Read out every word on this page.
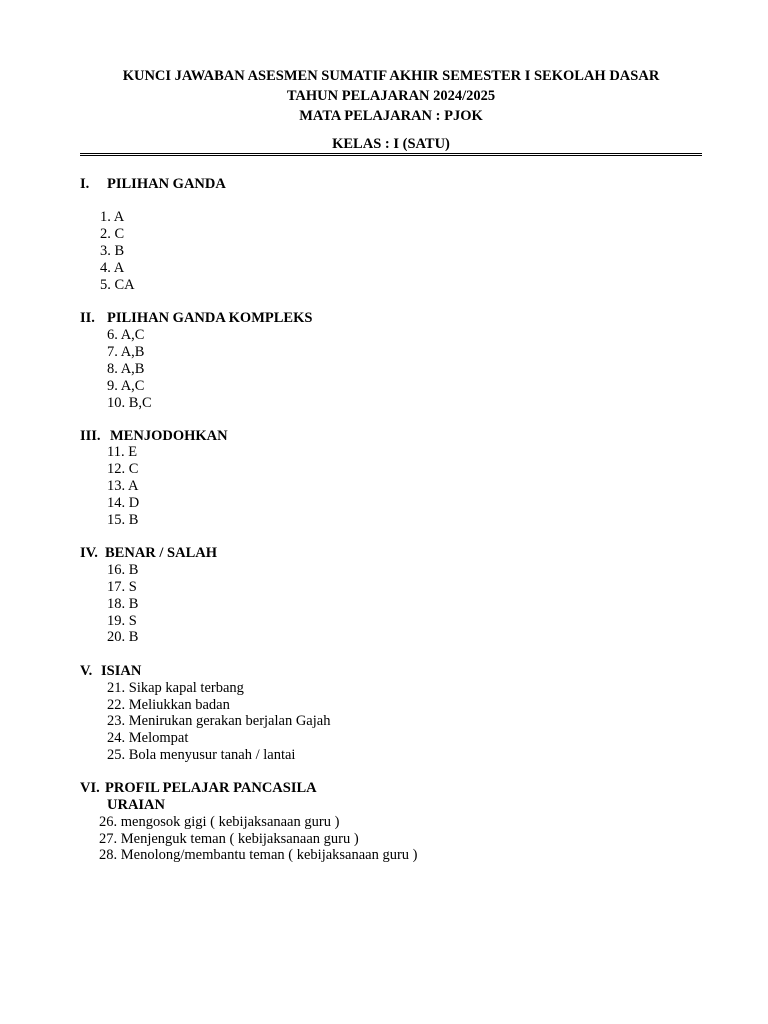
KUNCI JAWABAN ASESMEN SUMATIF AKHIR SEMESTER I SEKOLAH DASAR
TAHUN PELAJARAN 2024/2025
MATA PELAJARAN : PJOK
KELAS : I (SATU)
I. PILIHAN GANDA
1. A
2. C
3. B
4. A
5. CA
II. PILIHAN GANDA KOMPLEKS
6. A,C
7. A,B
8. A,B
9. A,C
10. B,C
III. MENJODOHKAN
11. E
12. C
13. A
14. D
15. B
IV. BENAR / SALAH
16. B
17. S
18. B
19. S
20. B
V. ISIAN
21. Sikap kapal terbang
22. Meliukkan badan
23. Menirukan gerakan berjalan Gajah
24. Melompat
25. Bola menyusur tanah / lantai
VI. PROFIL PELAJAR PANCASILA
URAIAN
26. mengosok gigi ( kebijaksanaan guru )
27. Menjenguk teman ( kebijaksanaan guru )
28. Menolong/membantu teman ( kebijaksanaan guru )
